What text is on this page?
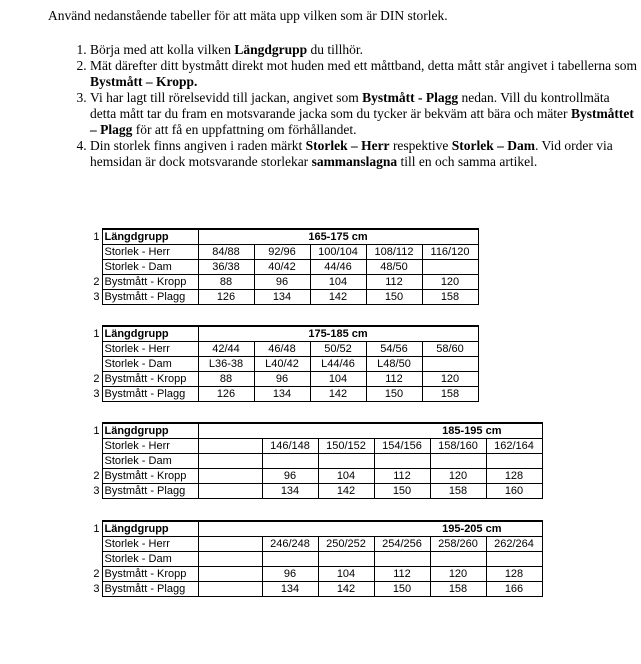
Använd nedanstående tabeller för att mäta upp vilken som är DIN storlek.

1. Börja med att kolla vilken Längdgrupp du tillhör.
2. Mät därefter ditt bystmått direkt mot huden med ett måttband, detta mått står angivet i tabellerna som Bystmått – Kropp.
3. Vi har lagt till rörelsevidd till jackan, angivet som Bystmått - Plagg nedan. Vill du kontrollmäta detta mått tar du fram en motsvarande jacka som du tycker är bekväm att bära och mäter Bystmåttet – Plagg för att få en uppfattning om förhållandet.
4. Din storlek finns angiven i raden märkt Storlek – Herr respektive Storlek – Dam. Vid order via hemsidan är dock motsvarande storlekar sammanslagna till en och samma artikel.
1	Längdgrupp	165-175 cm				
	Storlek - Herr	84/88	92/96	100/104	108/112	116/120
	Storlek - Dam	36/38	40/42	44/46	48/50	
2	Bystmått - Kropp	88	96	104	112	120
3	Bystmått - Plagg	126	134	142	150	158
1	Längdgrupp	175-185 cm				
	Storlek - Herr	42/44	46/48	50/52	54/56	58/60
	Storlek - Dam	L36-38	L40/42	L44/46	L48/50	
2	Bystmått - Kropp	88	96	104	112	120
3	Bystmått - Plagg	126	134	142	150	158
1	Längdgrupp	185-195 cm					
	Storlek - Herr		146/148	150/152	154/156	158/160	162/164
	Storlek - Dam						
2	Bystmått - Kropp		96	104	112	120	128
3	Bystmått - Plagg		134	142	150	158	160
1	Längdgrupp	195-205 cm					
	Storlek - Herr		246/248	250/252	254/256	258/260	262/264
	Storlek - Dam						
2	Bystmått - Kropp		96	104	112	120	128
3	Bystmått - Plagg		134	142	150	158	166
